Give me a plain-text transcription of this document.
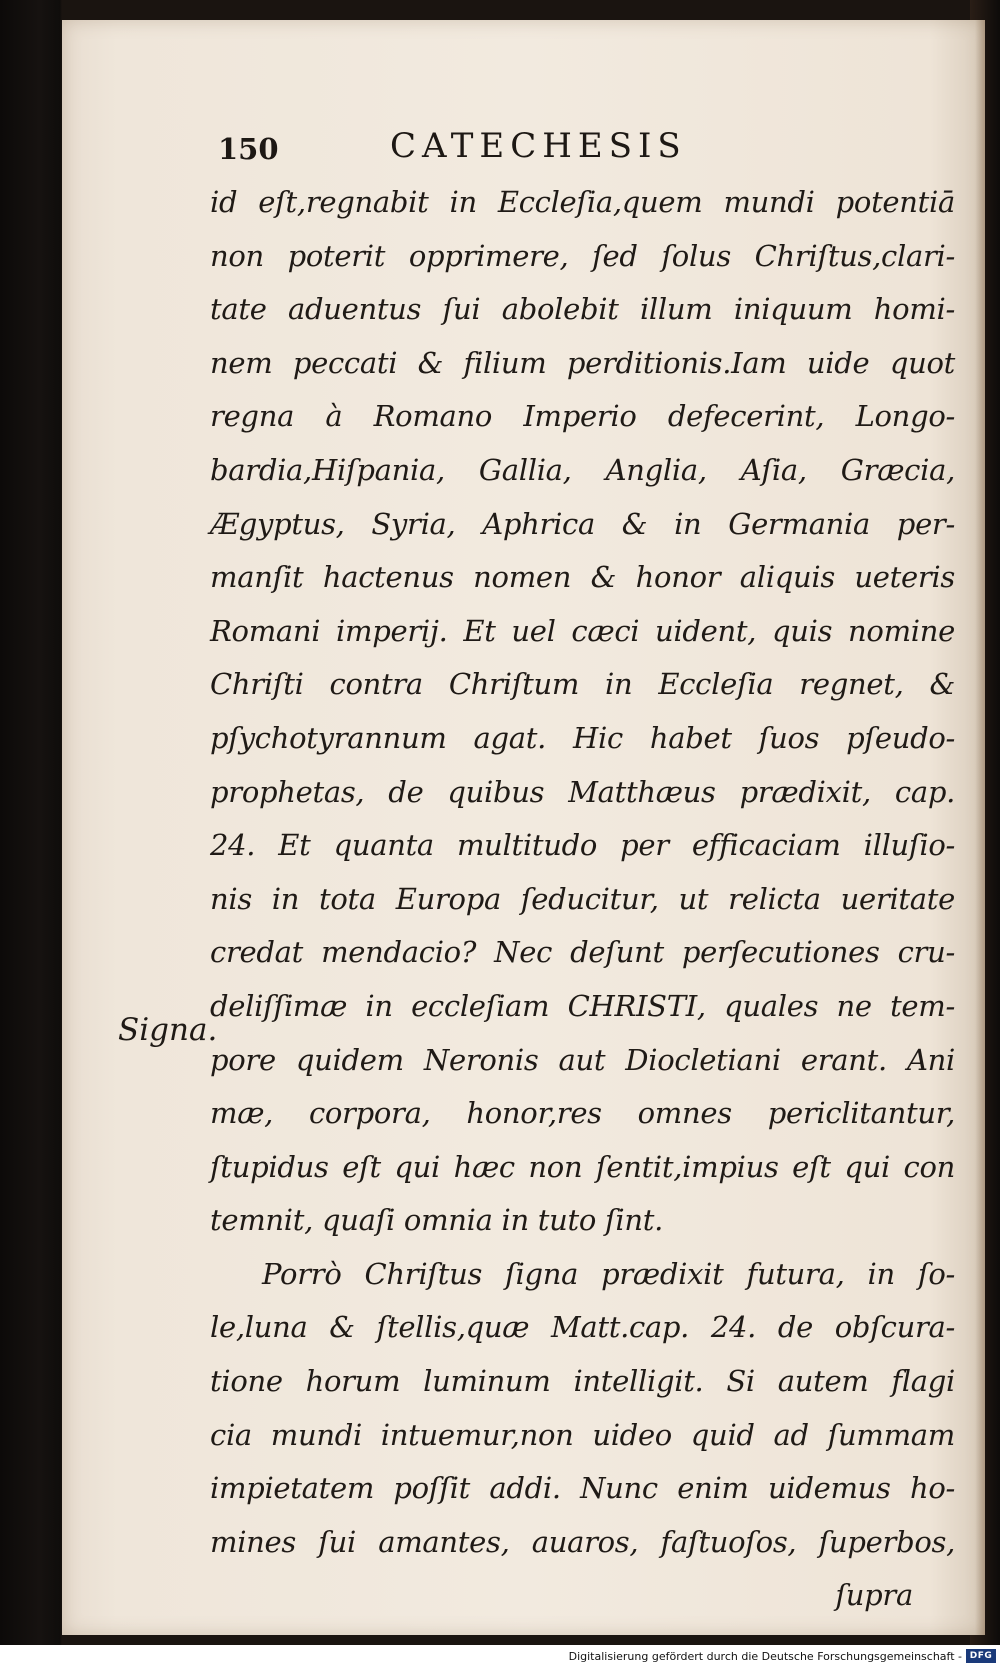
150	CATECHESIS
Signa.
id eſt,regnabit in Eccleſia,quem mundi potentiā
non poterit opprimere, ſed ſolus Chriſtus,clari-
tate aduentus ſui abolebit illum iniquum homi-
nem peccati & filium perditionis.Iam uide quot
regna à Romano Imperio defecerint, Longo-
bardia,Hiſpania, Gallia, Anglia, Aſia, Græcia,
Ægyptus, Syria, Aphrica & in Germania per-
manſit hactenus nomen & honor aliquis ueteris
Romani imperij. Et uel cæci uident, quis nomine
Chriſti contra Chriſtum in Eccleſia regnet, &
pſychotyrannum agat. Hic habet ſuos pſeudo-
prophetas, de quibus Matthæus prædixit, cap.
24. Et quanta multitudo per efficaciam illuſio-
nis in tota Europa ſeducitur, ut relicta ueritate
credat mendacio? Nec deſunt perſecutiones cru-
deliſſimæ in eccleſiam CHRISTI, quales ne tem-
pore quidem Neronis aut Diocletiani erant. Ani
mæ, corpora, honor,res omnes periclitantur,
ſtupidus eſt qui hæc non ſentit,impius eſt qui con
temnit, quaſi omnia in tuto ſint.
Porrò Chriſtus ſigna prædixit futura, in ſo-
le,luna & ſtellis,quæ Matt.cap. 24. de obſcura-
tione horum luminum intelligit. Si autem flagi
cia mundi intuemur,non uideo quid ad ſummam
impietatem poſſit addi. Nunc enim uidemus ho-
mines ſui amantes, auaros, faſtuoſos, ſuperbos,
ſupra
Digitalisierung gefördert durch die Deutsche Forschungsgemeinschaft - DFG
